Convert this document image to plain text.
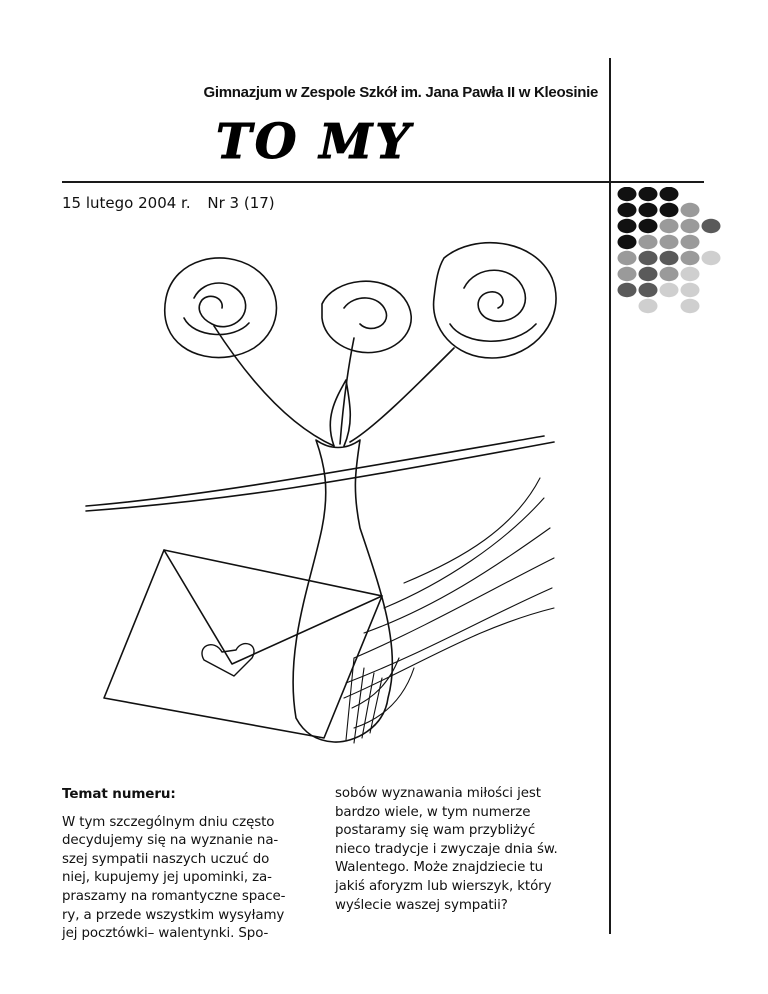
Gimnazjum w Zespole Szkół im. Jana Pawła II w Kleosinie
TO MY
15 lutego 2004 r. Nr 3 (17)
Temat numeru:
W tym szczególnym dniu często
decydujemy się na wyznanie na-
szej sympatii naszych uczuć do
niej, kupujemy jej upominki, za-
praszamy na romantyczne space-
ry, a przede wszystkim wysyłamy
jej pocztówki– walentynki. Spo-
sobów wyznawania miłości jest
bardzo wiele, w tym numerze
postaramy się wam przybliżyć
nieco tradycje i zwyczaje dnia św.
Walentego. Może znajdziecie tu
jakiś aforyzm lub wierszyk, który
wyślecie waszej sympatii?
